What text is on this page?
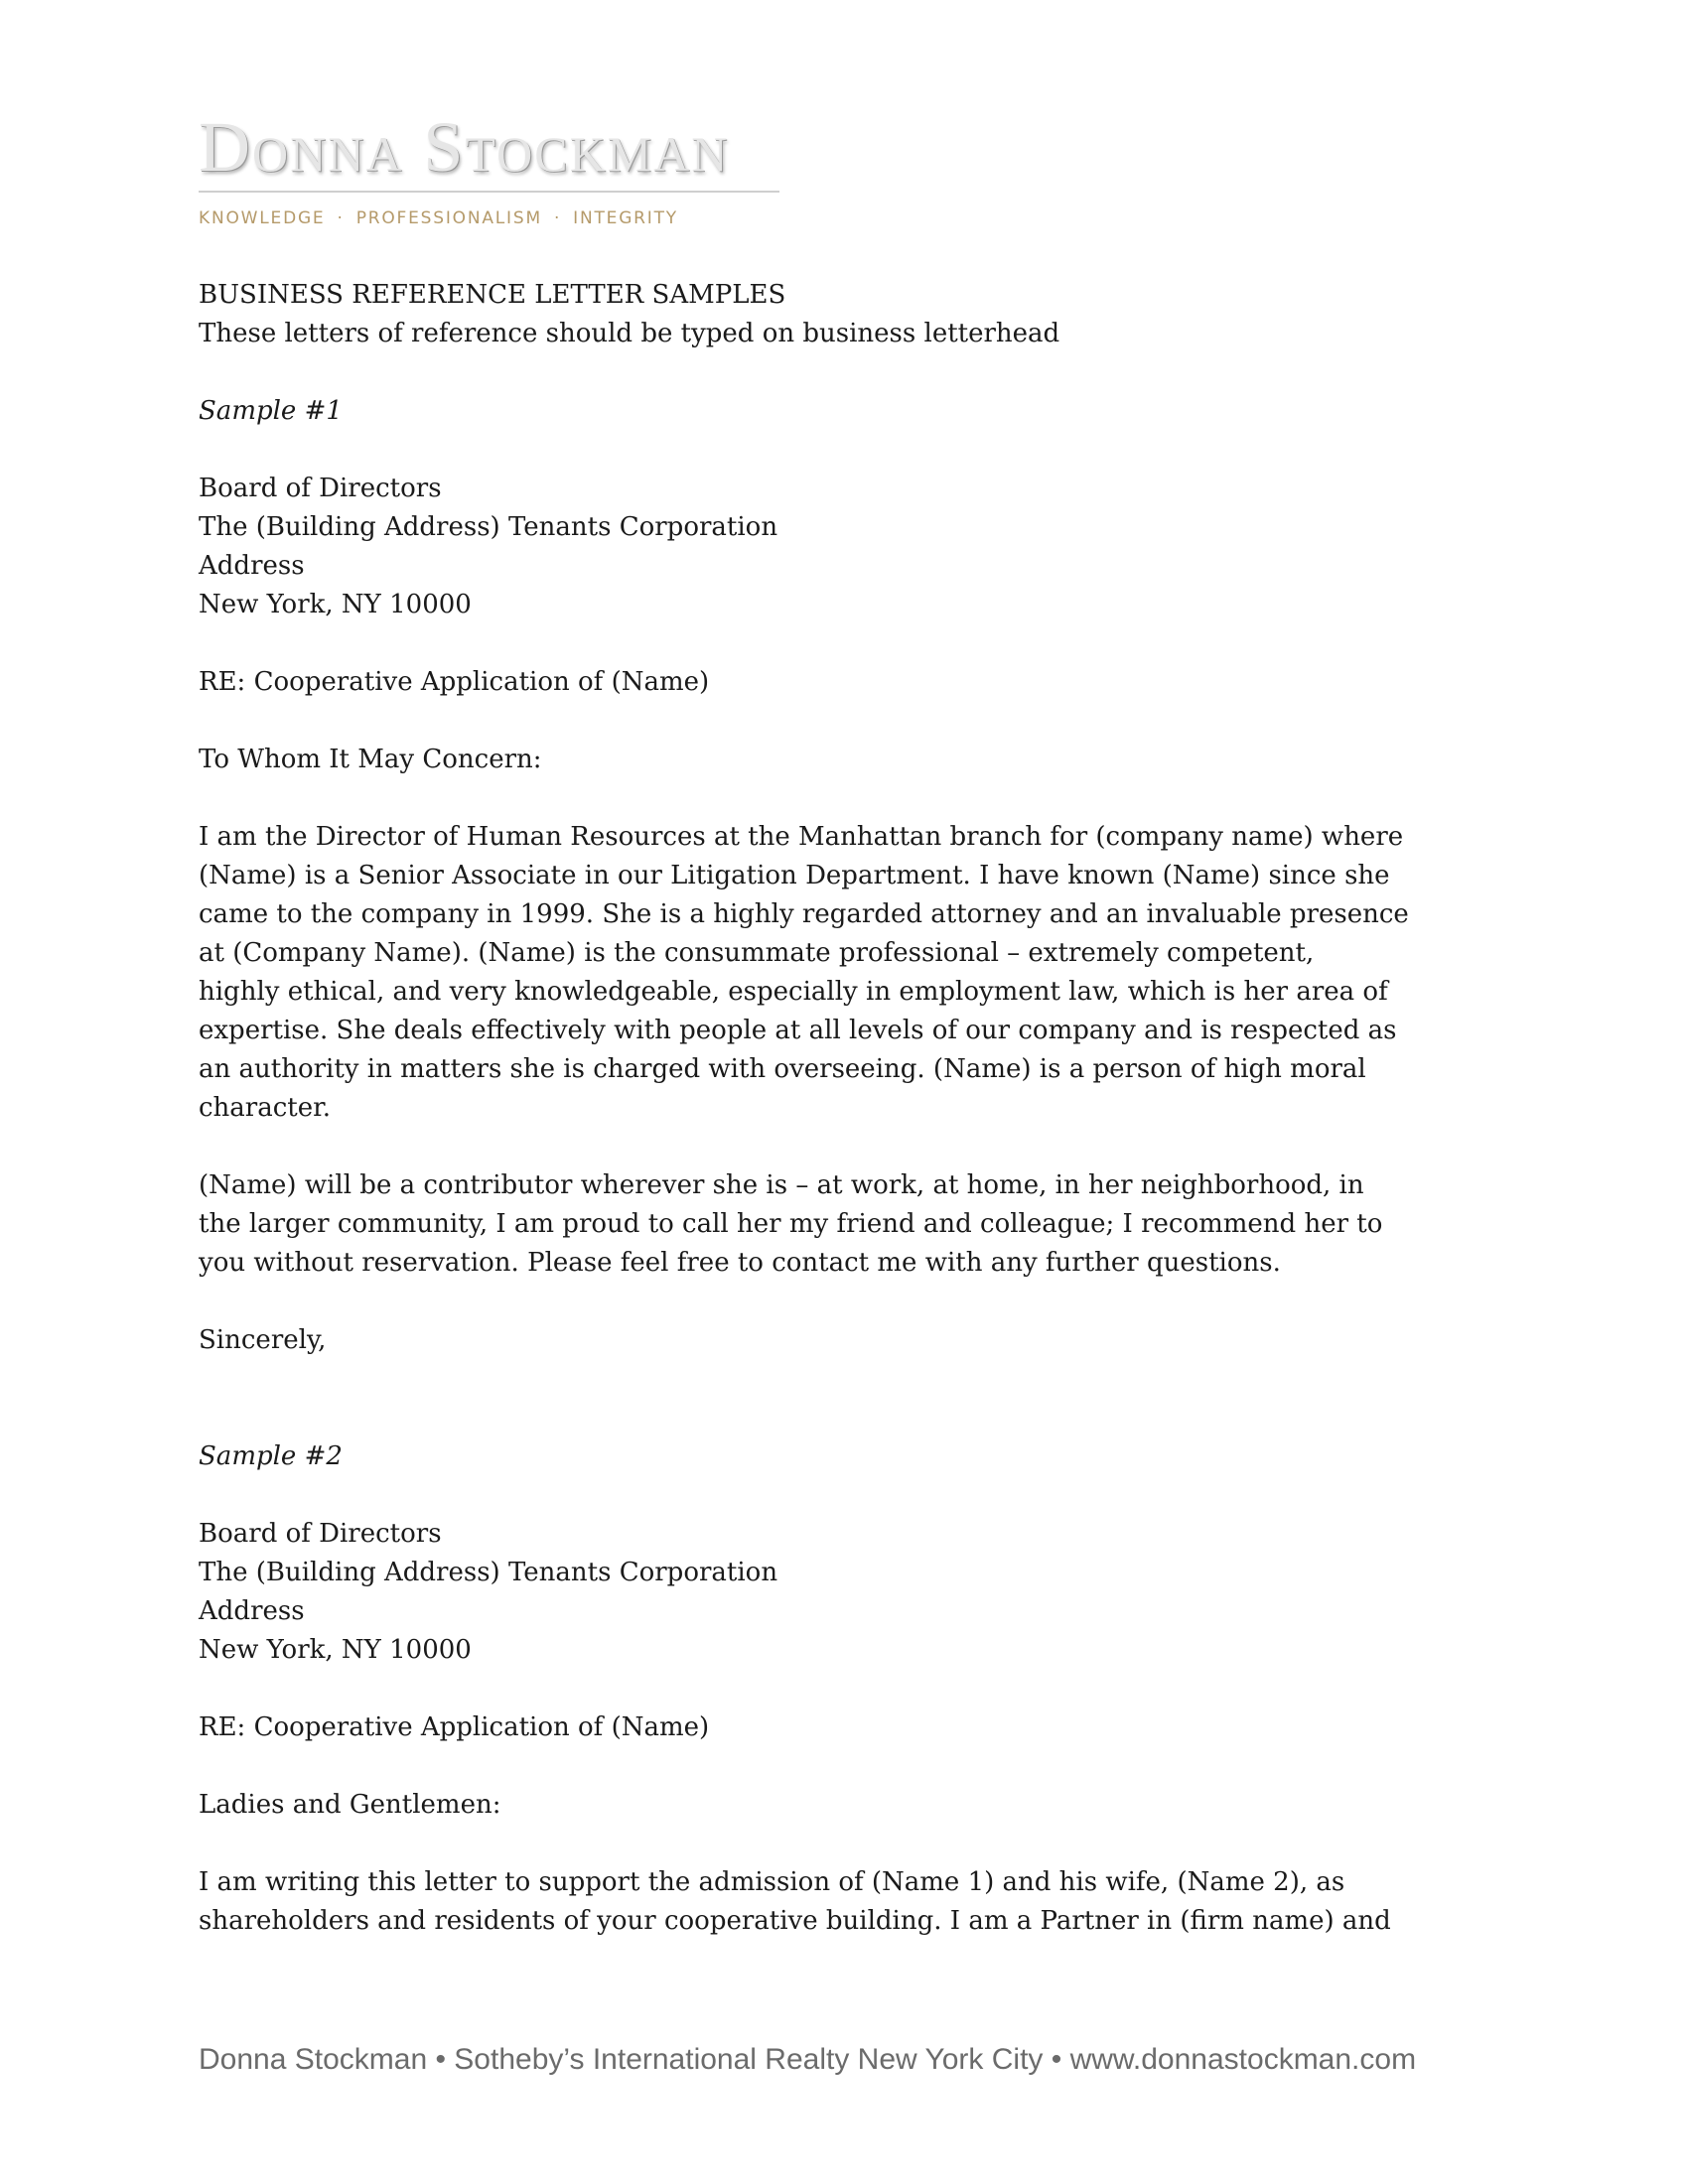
Donna Stockman
KNOWLEDGE · PROFESSIONALISM · INTEGRITY

BUSINESS REFERENCE LETTER SAMPLES
These letters of reference should be typed on business letterhead

Sample #1

Board of Directors
The (Building Address) Tenants Corporation
Address
New York, NY 10000

RE: Cooperative Application of (Name)

To Whom It May Concern:

I am the Director of Human Resources at the Manhattan branch for (company name) where
(Name) is a Senior Associate in our Litigation Department. I have known (Name) since she
came to the company in 1999. She is a highly regarded attorney and an invaluable presence
at (Company Name). (Name) is the consummate professional – extremely competent,
highly ethical, and very knowledgeable, especially in employment law, which is her area of
expertise. She deals effectively with people at all levels of our company and is respected as
an authority in matters she is charged with overseeing. (Name) is a person of high moral
character.

(Name) will be a contributor wherever she is – at work, at home, in her neighborhood, in
the larger community, I am proud to call her my friend and colleague; I recommend her to
you without reservation. Please feel free to contact me with any further questions.

Sincerely,

Sample #2

Board of Directors
The (Building Address) Tenants Corporation
Address
New York, NY 10000

RE: Cooperative Application of (Name)

Ladies and Gentlemen:

I am writing this letter to support the admission of (Name 1) and his wife, (Name 2), as
shareholders and residents of your cooperative building. I am a Partner in (firm name) and

Donna Stockman • Sotheby’s International Realty New York City • www.donnastockman.com
